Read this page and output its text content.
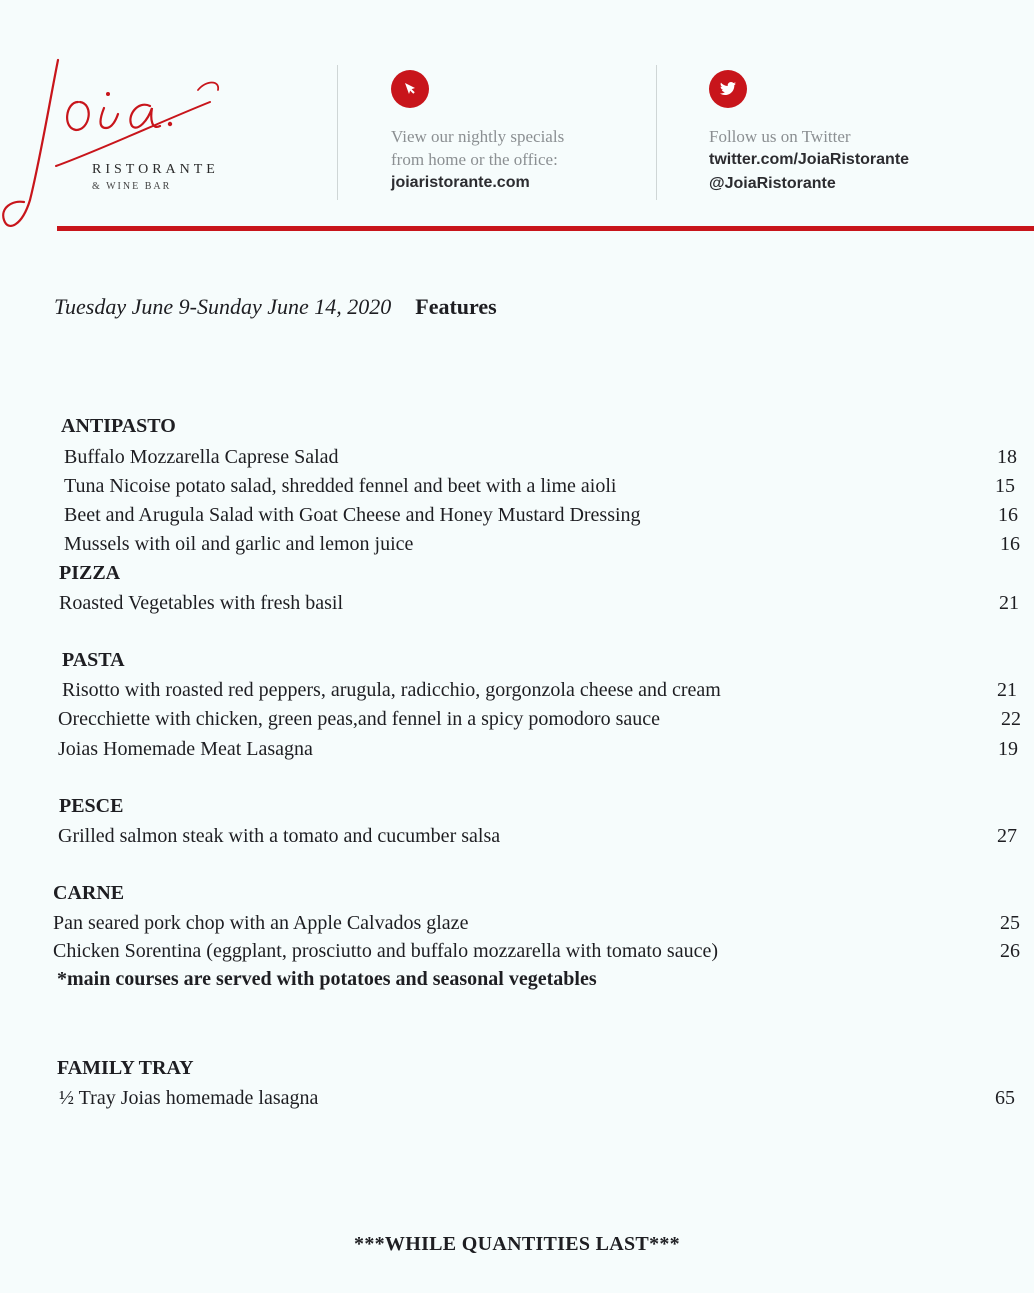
RISTORANTE
& WINE BAR
View our nightly specials
from home or the office:
joiaristorante.com
Follow us on Twitter
twitter.com/JoiaRistorante
@JoiaRistorante
Tuesday June 9-Sunday June 14, 2020 Features
ANTIPASTO
Buffalo Mozzarella Caprese Salad	18
Tuna Nicoise potato salad, shredded fennel and beet with a lime aioli	15
Beet and Arugula Salad with Goat Cheese and Honey Mustard Dressing	16
Mussels with oil and garlic and lemon juice	16
PIZZA
Roasted Vegetables with fresh basil	21
PASTA
Risotto with roasted red peppers, arugula, radicchio, gorgonzola cheese and cream	21
Orecchiette with chicken, green peas,and fennel in a spicy pomodoro sauce	22
Joias Homemade Meat Lasagna	19
PESCE
Grilled salmon steak with a tomato and cucumber salsa	27
CARNE
Pan seared pork chop with an Apple Calvados glaze	25
Chicken Sorentina (eggplant, prosciutto and buffalo mozzarella with tomato sauce)	26
*main courses are served with potatoes and seasonal vegetables
FAMILY TRAY
½ Tray Joias homemade lasagna	65
***WHILE QUANTITIES LAST***
